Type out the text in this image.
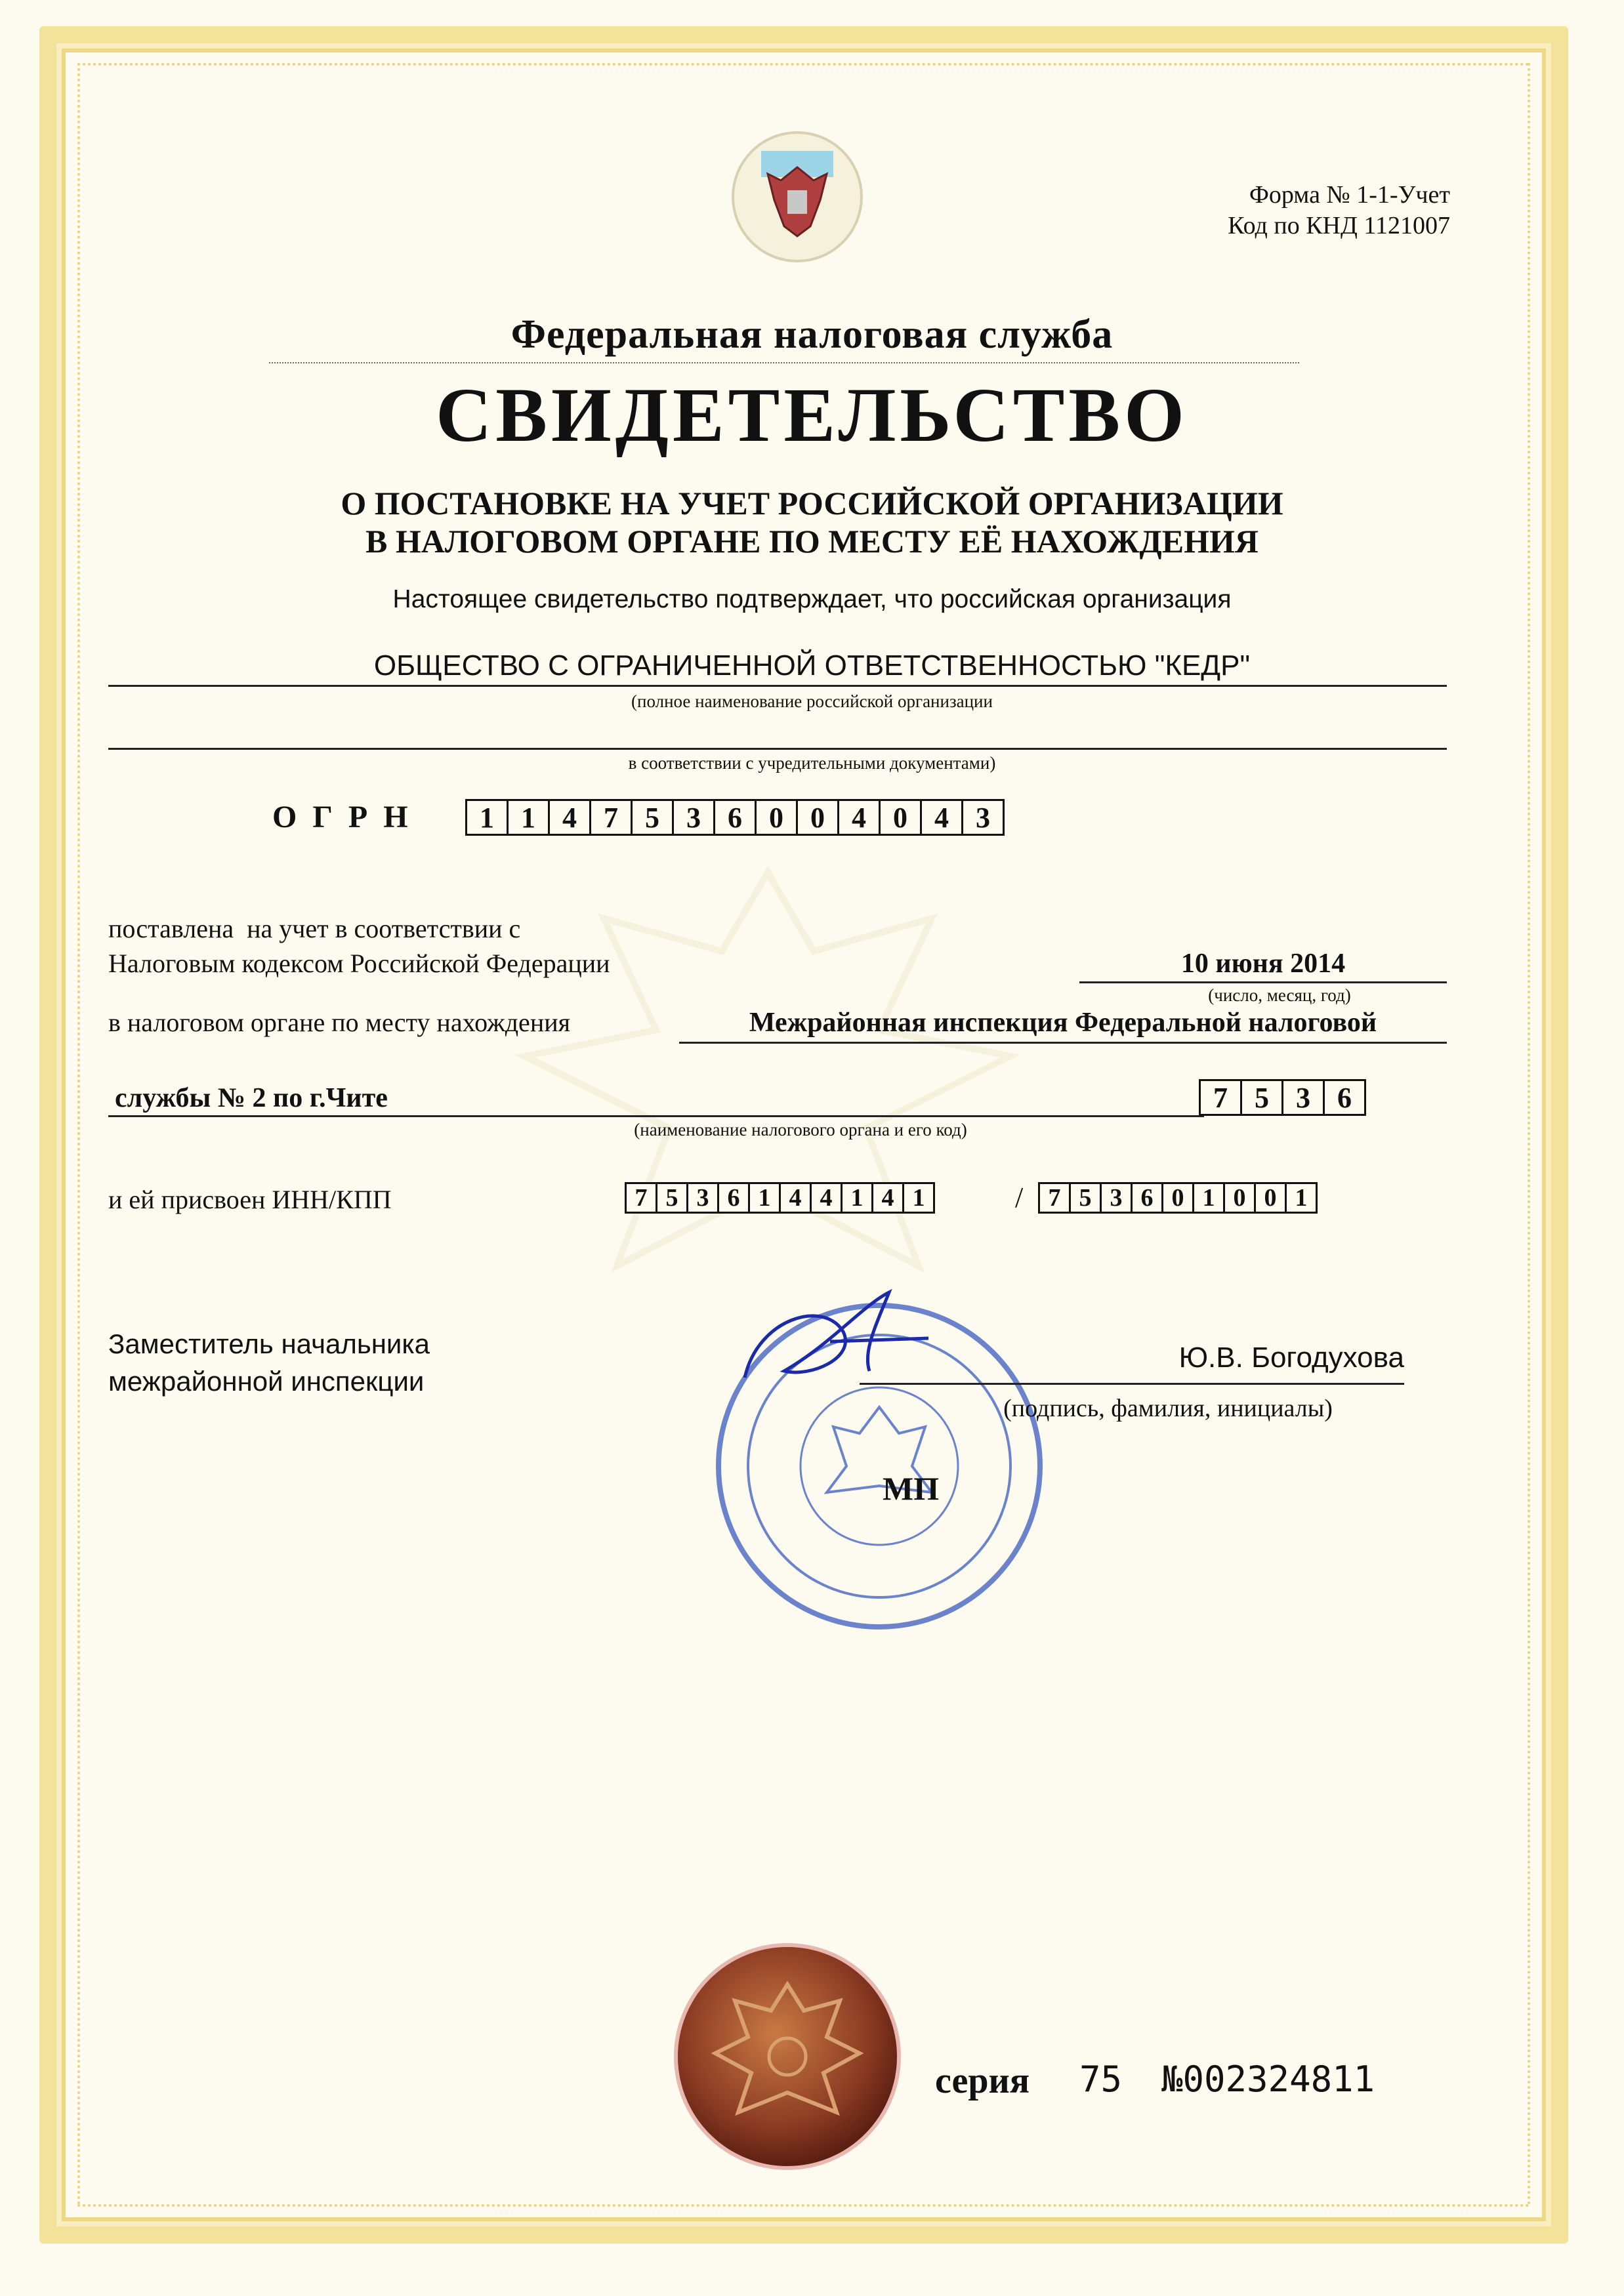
Форма № 1-1-Учет
Код по КНД 1121007
Федеральная налоговая служба
СВИДЕТЕЛЬСТВО
О ПОСТАНОВКЕ НА УЧЕТ РОССИЙСКОЙ ОРГАНИЗАЦИИ
В НАЛОГОВОМ ОРГАНЕ ПО МЕСТУ ЕЁ НАХОЖДЕНИЯ
Настоящее свидетельство подтверждает, что российская организация
ОБЩЕСТВО С ОГРАНИЧЕННОЙ ОТВЕТСТВЕННОСТЬЮ "КЕДР"
(полное наименование российской организации
в соответствии с учредительными документами)
О  Г  Р  Н	1 1 4 7 5 3 6 0 0 4 0 4 3
поставлена  на учет в соответствии с
Налоговым кодексом Российской Федерации	10 июня 2014
(число, месяц, год)
в налоговом органе по месту нахождения	Межрайонная инспекция Федеральной налоговой
службы № 2 по г.Чите	7 5 3 6
(наименование налогового органа и его код)
и ей присвоен ИНН/КПП	7 5 3 6 1 4 4 1 4 1	/	7 5 3 6 0 1 0 0 1
Заместитель начальника
межрайонной инспекции
Ю.В. Богодухова
(подпись, фамилия, инициалы)
МП
серия 75 №002324811
